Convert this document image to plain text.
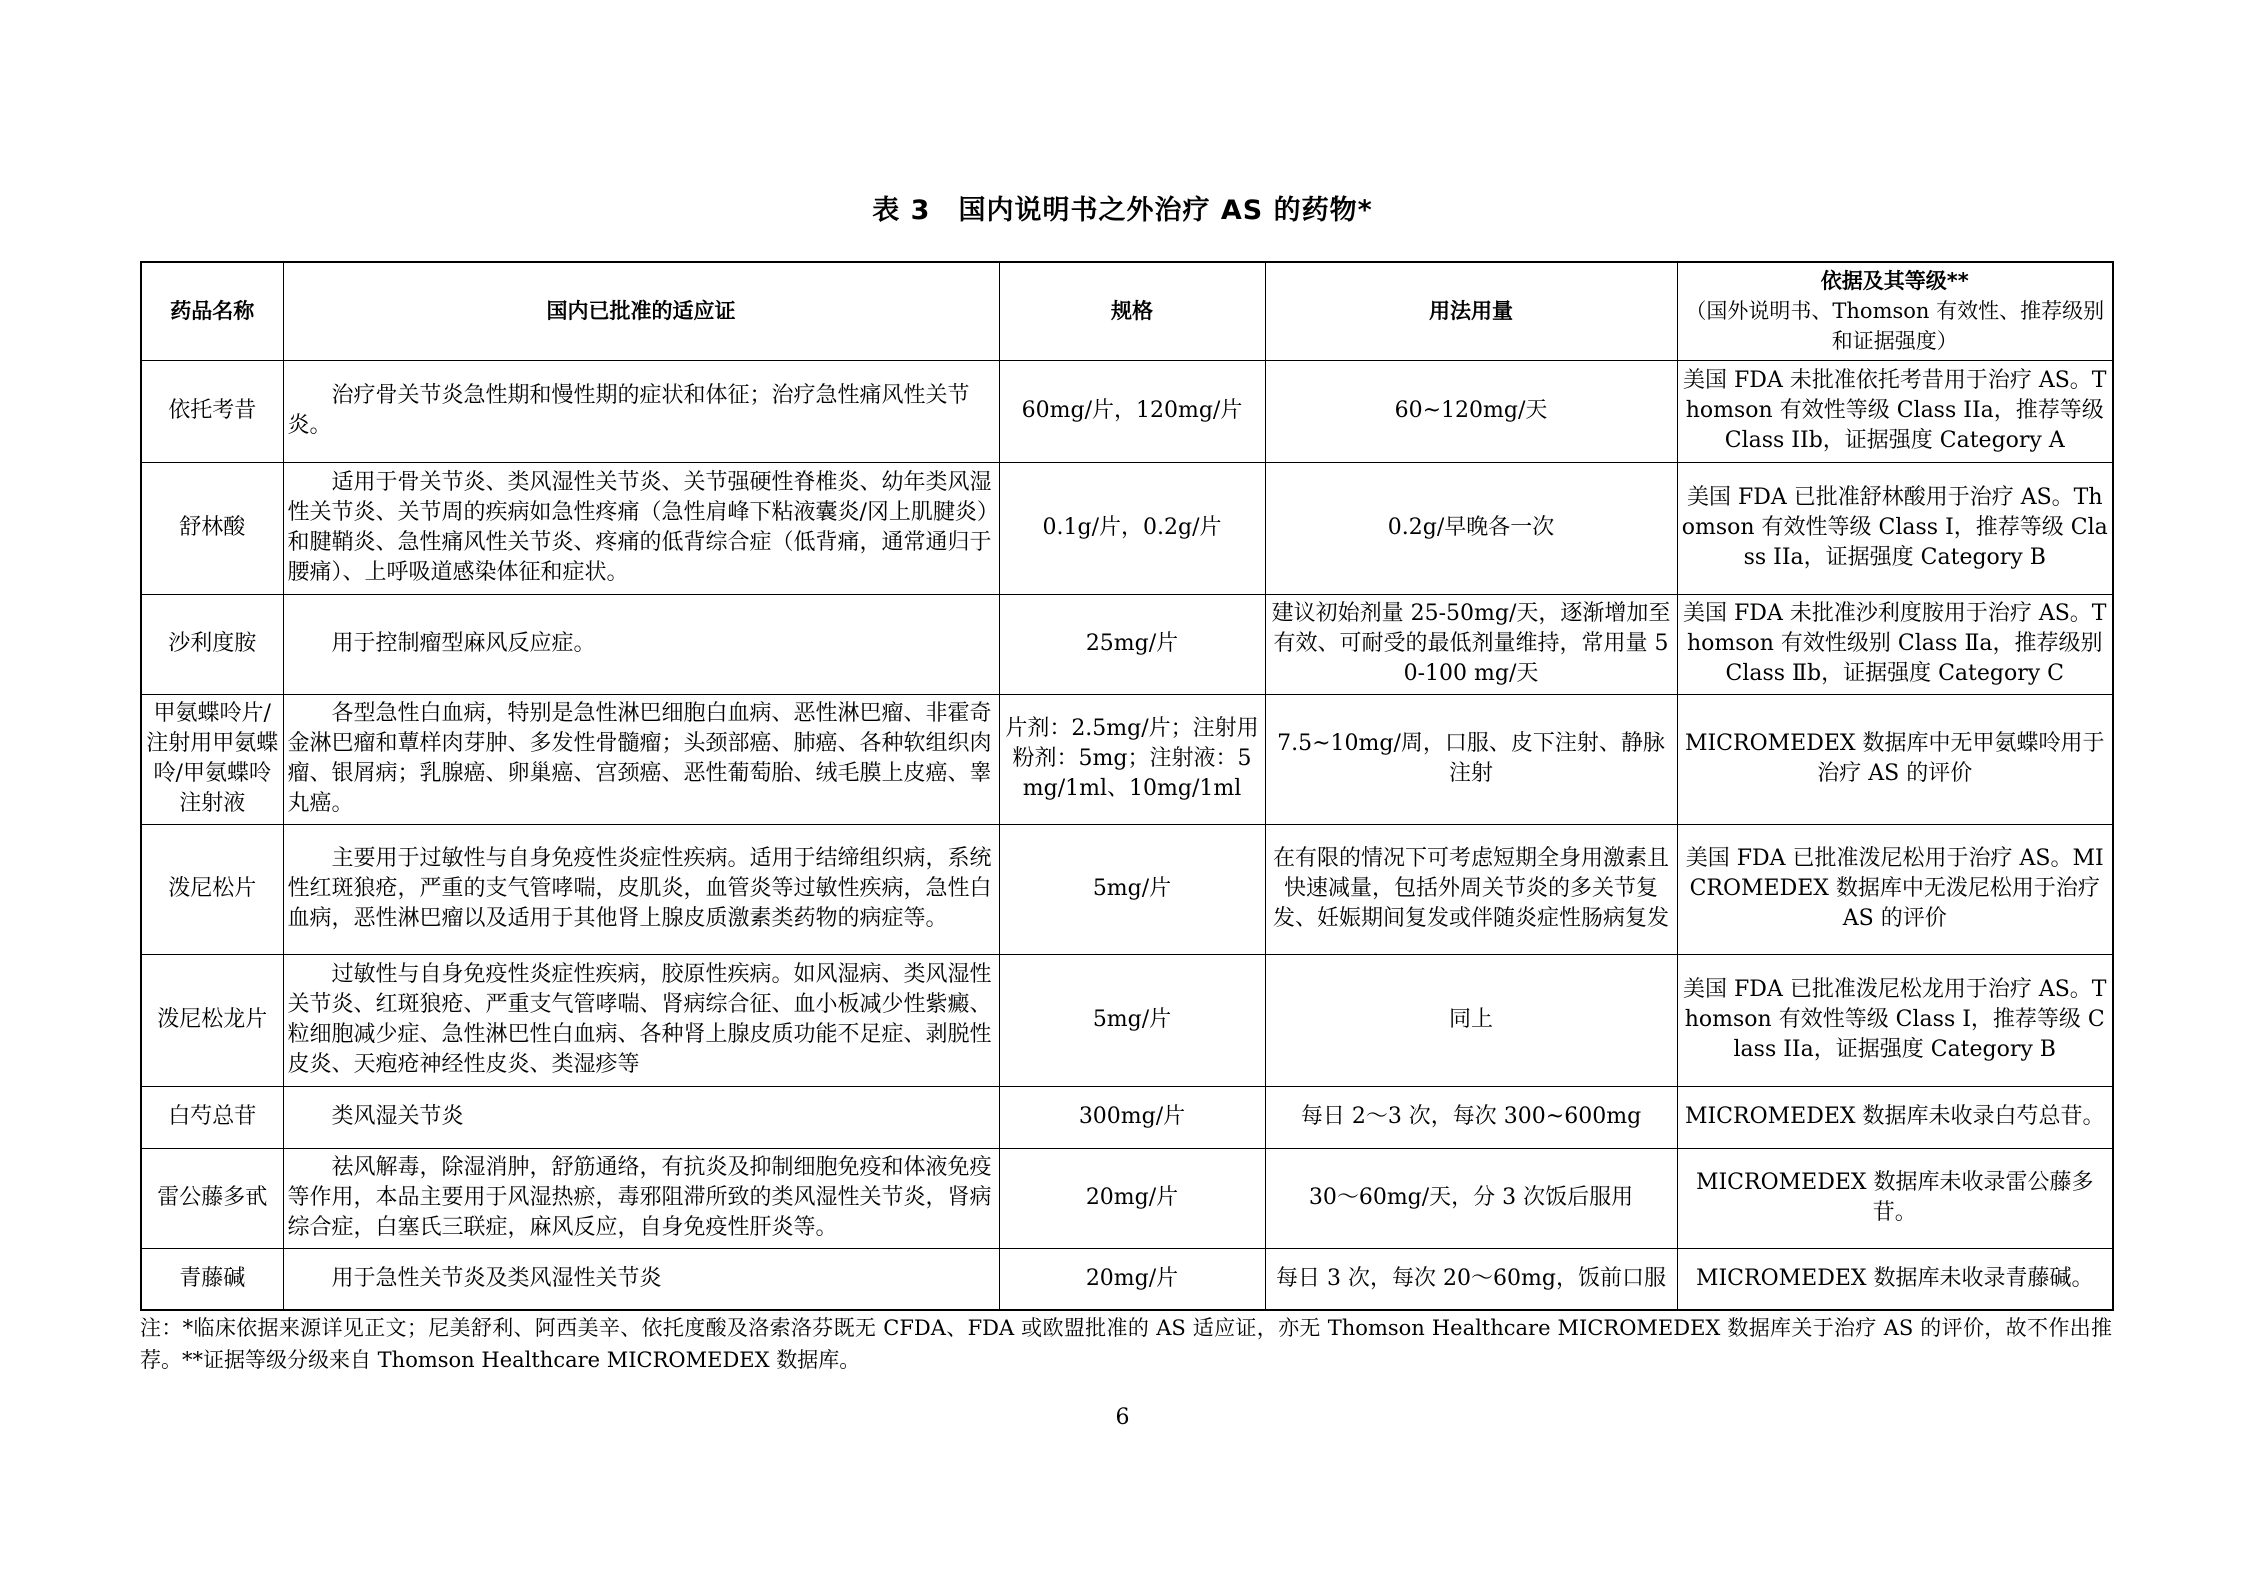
表 3　国内说明书之外治疗 AS 的药物*
药品名称	国内已批准的适应证	规格	用法用量	依据及其等级**
（国外说明书、Thomson 有效性、推荐级别和证据强度）

依托考昔	治疗骨关节炎急性期和慢性期的症状和体征；治疗急性痛风性关节炎。	60mg/片，120mg/片	60~120mg/天	美国 FDA 未批准依托考昔用于治疗 AS。Thomson 有效性等级 Class IIa，推荐等级 Class IIb，证据强度 Category A
舒林酸	适用于骨关节炎、类风湿性关节炎、关节强硬性脊椎炎、幼年类风湿性关节炎、关节周的疾病如急性疼痛（急性肩峰下粘液囊炎/冈上肌腱炎）和腱鞘炎、急性痛风性关节炎、疼痛的低背综合症（低背痛，通常通归于腰痛）、上呼吸道感染体征和症状。	0.1g/片，0.2g/片	0.2g/早晚各一次	美国 FDA 已批准舒林酸用于治疗 AS。Thomson 有效性等级 Class I，推荐等级 Class IIa，证据强度 Category B
沙利度胺	用于控制瘤型麻风反应症。	25mg/片	建议初始剂量 25-50mg/天，逐渐增加至有效、可耐受的最低剂量维持，常用量 50-100 mg/天	美国 FDA 未批准沙利度胺用于治疗 AS。Thomson 有效性级别 Class Ⅱa，推荐级别 Class Ⅱb，证据强度 Category C
甲氨蝶呤片/注射用甲氨蝶呤/甲氨蝶呤注射液	各型急性白血病，特别是急性淋巴细胞白血病、恶性淋巴瘤、非霍奇金淋巴瘤和蕈样肉芽肿、多发性骨髓瘤；头颈部癌、肺癌、各种软组织肉瘤、银屑病；乳腺癌、卵巢癌、宫颈癌、恶性葡萄胎、绒毛膜上皮癌、睾丸癌。	片剂：2.5mg/片；注射用粉剂：5mg；注射液：5mg/1ml、10mg/1ml	7.5~10mg/周，口服、皮下注射、静脉注射	MICROMEDEX 数据库中无甲氨蝶呤用于治疗 AS 的评价
泼尼松片	主要用于过敏性与自身免疫性炎症性疾病。适用于结缔组织病，系统性红斑狼疮，严重的支气管哮喘，皮肌炎，血管炎等过敏性疾病，急性白血病，恶性淋巴瘤以及适用于其他肾上腺皮质激素类药物的病症等。	5mg/片	在有限的情况下可考虑短期全身用激素且快速减量，包括外周关节炎的多关节复发、妊娠期间复发或伴随炎症性肠病复发	美国 FDA 已批准泼尼松用于治疗 AS。MICROMEDEX 数据库中无泼尼松用于治疗 AS 的评价
泼尼松龙片	过敏性与自身免疫性炎症性疾病，胶原性疾病。如风湿病、类风湿性关节炎、红斑狼疮、严重支气管哮喘、肾病综合征、血小板减少性紫癜、粒细胞减少症、急性淋巴性白血病、各种肾上腺皮质功能不足症、剥脱性皮炎、天疱疮神经性皮炎、类湿疹等	5mg/片	同上	美国 FDA 已批准泼尼松龙用于治疗 AS。Thomson 有效性等级 Class I，推荐等级 Class IIa，证据强度 Category B
白芍总苷	类风湿关节炎	300mg/片	每日 2～3 次，每次 300~600mg	MICROMEDEX 数据库未收录白芍总苷。
雷公藤多甙	祛风解毒，除湿消肿，舒筋通络，有抗炎及抑制细胞免疫和体液免疫等作用，本品主要用于风湿热瘀，毒邪阻滞所致的类风湿性关节炎，肾病综合症，白塞氏三联症，麻风反应，自身免疫性肝炎等。	20mg/片	30～60mg/天，分 3 次饭后服用	MICROMEDEX 数据库未收录雷公藤多苷。
青藤碱	用于急性关节炎及类风湿性关节炎	20mg/片	每日 3 次，每次 20～60mg，饭前口服	MICROMEDEX 数据库未收录青藤碱。
注：*临床依据来源详见正文；尼美舒利、阿西美辛、依托度酸及洛索洛芬既无 CFDA、FDA 或欧盟批准的 AS 适应证，亦无 Thomson Healthcare MICROMEDEX 数据库关于治疗 AS 的评价，故不作出推荐。**证据等级分级来自 Thomson Healthcare MICROMEDEX 数据库。
6
